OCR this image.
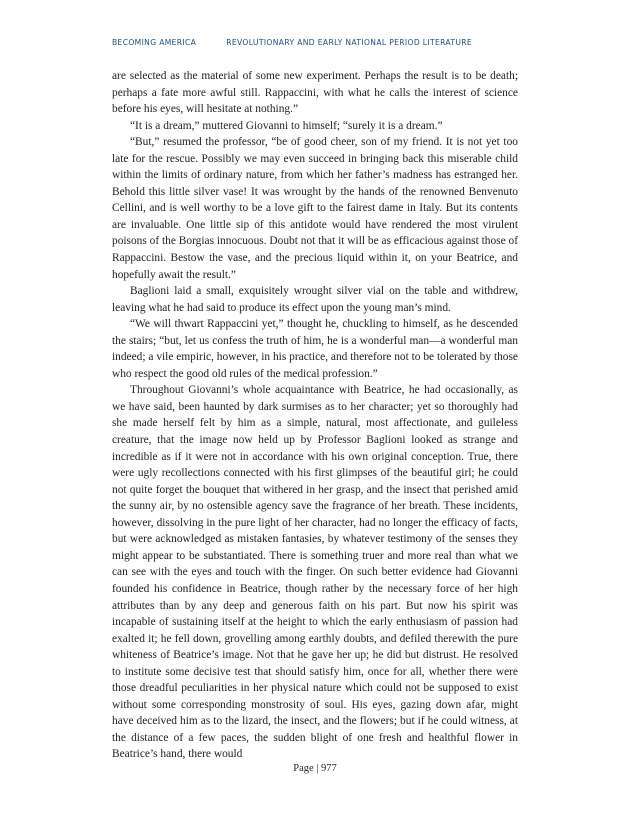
BECOMING AMERICA	REVOLUTIONARY AND EARLY NATIONAL PERIOD LITERATURE

are selected as the material of some new experiment. Perhaps the result is to be death; perhaps a fate more awful still. Rappaccini, with what he calls the interest of science before his eyes, will hesitate at nothing.”

“It is a dream,” muttered Giovanni to himself; “surely it is a dream.”

“But,” resumed the professor, “be of good cheer, son of my friend. It is not yet too late for the rescue. Possibly we may even succeed in bringing back this miserable child within the limits of ordinary nature, from which her father’s madness has estranged her. Behold this little silver vase! It was wrought by the hands of the renowned Benvenuto Cellini, and is well worthy to be a love gift to the fairest dame in Italy. But its contents are invaluable. One little sip of this antidote would have rendered the most virulent poisons of the Borgias innocuous. Doubt not that it will be as efficacious against those of Rappaccini. Bestow the vase, and the precious liquid within it, on your Beatrice, and hopefully await the result.”

Baglioni laid a small, exquisitely wrought silver vial on the table and withdrew, leaving what he had said to produce its effect upon the young man’s mind.

“We will thwart Rappaccini yet,” thought he, chuckling to himself, as he descended the stairs; “but, let us confess the truth of him, he is a wonderful man—a wonderful man indeed; a vile empiric, however, in his practice, and therefore not to be tolerated by those who respect the good old rules of the medical profession.”

Throughout Giovanni’s whole acquaintance with Beatrice, he had occasionally, as we have said, been haunted by dark surmises as to her character; yet so thoroughly had she made herself felt by him as a simple, natural, most affectionate, and guileless creature, that the image now held up by Professor Baglioni looked as strange and incredible as if it were not in accordance with his own original conception. True, there were ugly recollections connected with his first glimpses of the beautiful girl; he could not quite forget the bouquet that withered in her grasp, and the insect that perished amid the sunny air, by no ostensible agency save the fragrance of her breath. These incidents, however, dissolving in the pure light of her character, had no longer the efficacy of facts, but were acknowledged as mistaken fantasies, by whatever testimony of the senses they might appear to be substantiated. There is something truer and more real than what we can see with the eyes and touch with the finger. On such better evidence had Giovanni founded his confidence in Beatrice, though rather by the necessary force of her high attributes than by any deep and generous faith on his part. But now his spirit was incapable of sustaining itself at the height to which the early enthusiasm of passion had exalted it; he fell down, grovelling among earthly doubts, and defiled therewith the pure whiteness of Beatrice’s image. Not that he gave her up; he did but distrust. He resolved to institute some decisive test that should satisfy him, once for all, whether there were those dreadful peculiarities in her physical nature which could not be supposed to exist without some corresponding monstrosity of soul. His eyes, gazing down afar, might have deceived him as to the lizard, the insect, and the flowers; but if he could witness, at the distance of a few paces, the sudden blight of one fresh and healthful flower in Beatrice’s hand, there would

Page | 977
